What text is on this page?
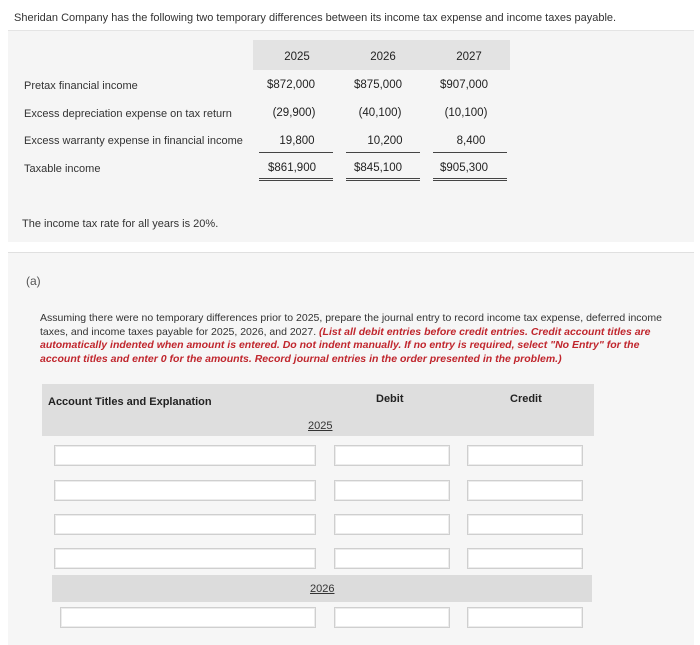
Sheridan Company has the following two temporary differences between its income tax expense and income taxes payable.
2025	2026	2027
Pretax financial income	$872,000	$875,000	$907,000
Excess depreciation expense on tax return	(29,900)	(40,100)	(10,100)
Excess warranty expense in financial income	19,800	10,200	8,400
Taxable income	$861,900	$845,100	$905,300
The income tax rate for all years is 20%.
(a)
Assuming there were no temporary differences prior to 2025, prepare the journal entry to record income tax expense, deferred income taxes, and income taxes payable for 2025, 2026, and 2027. (List all debit entries before credit entries. Credit account titles are automatically indented when amount is entered. Do not indent manually. If no entry is required, select "No Entry" for the account titles and enter 0 for the amounts. Record journal entries in the order presented in the problem.)
Account Titles and Explanation	Debit	Credit
2025
2026
